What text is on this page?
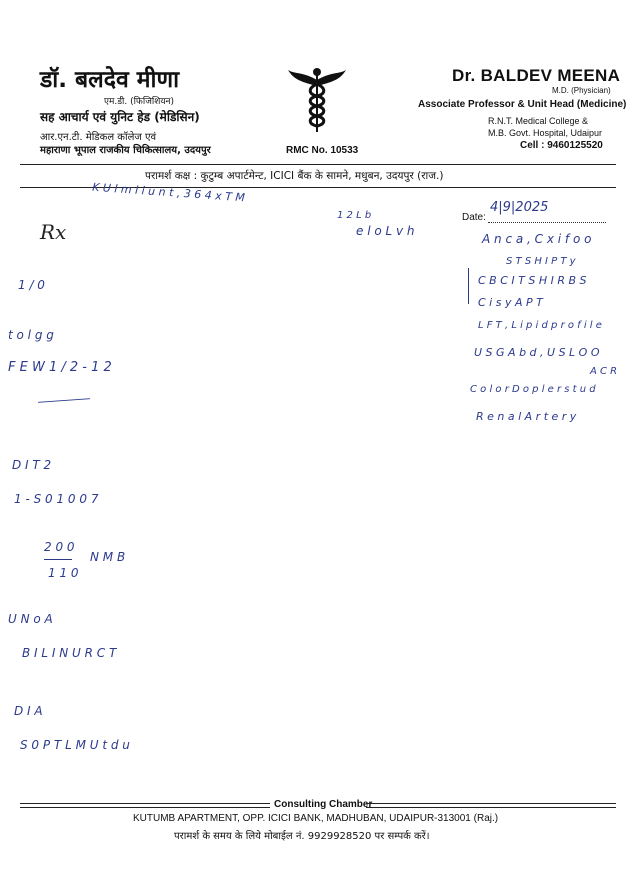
डॉ. बलदेव मीणा
एम.डी. (फिजिशियन)
सह आचार्य एवं युनिट हेड (मेडिसिन)
आर.एन.टी. मेडिकल कॉलेज एवं
महाराणा भूपाल राजकीय चिकित्सालय, उदयपुर	RMC No. 10533
Dr. BALDEV MEENA
M.D. (Physician)
Associate Professor & Unit Head (Medicine)
R.N.T. Medical College &
M.B. Govt. Hospital, Udaipur
Cell : 9460125520
परामर्श कक्ष : कुटुम्ब अपार्टमेन्ट, ICICI बैंक के सामने, मधुबन, उदयपुर (राज.)
Rx
Date:
4|9|2025
K U l m l i u n t , 3 6 4 x T M
1 2 L b
e l o L v h
1 / 0
t o l g g
F E W 1 / 2 - 1 2
D I T 2
1 - S 0 1 0 0 7
2 0 0
1 1 0
N M B
U N o A
B I L I N U R C T
D I A
S 0 P T L M U t d u
A n c a , C x i f o o
S T S H I P T y
C B C I T S H I R B S
C i s y A P T
L F T , L i p i d p r o f i l e
U S G A b d , U S L O O
A C R
C o l o r D o p l e r s t u d
R e n a l A r t e r y
Consulting Chamber
KUTUMB APARTMENT, OPP. ICICI BANK, MADHUBAN, UDAIPUR-313001 (Raj.)
परामर्श के समय के लिये मोबाईल नं. 9929928520 पर सम्पर्क करें।
